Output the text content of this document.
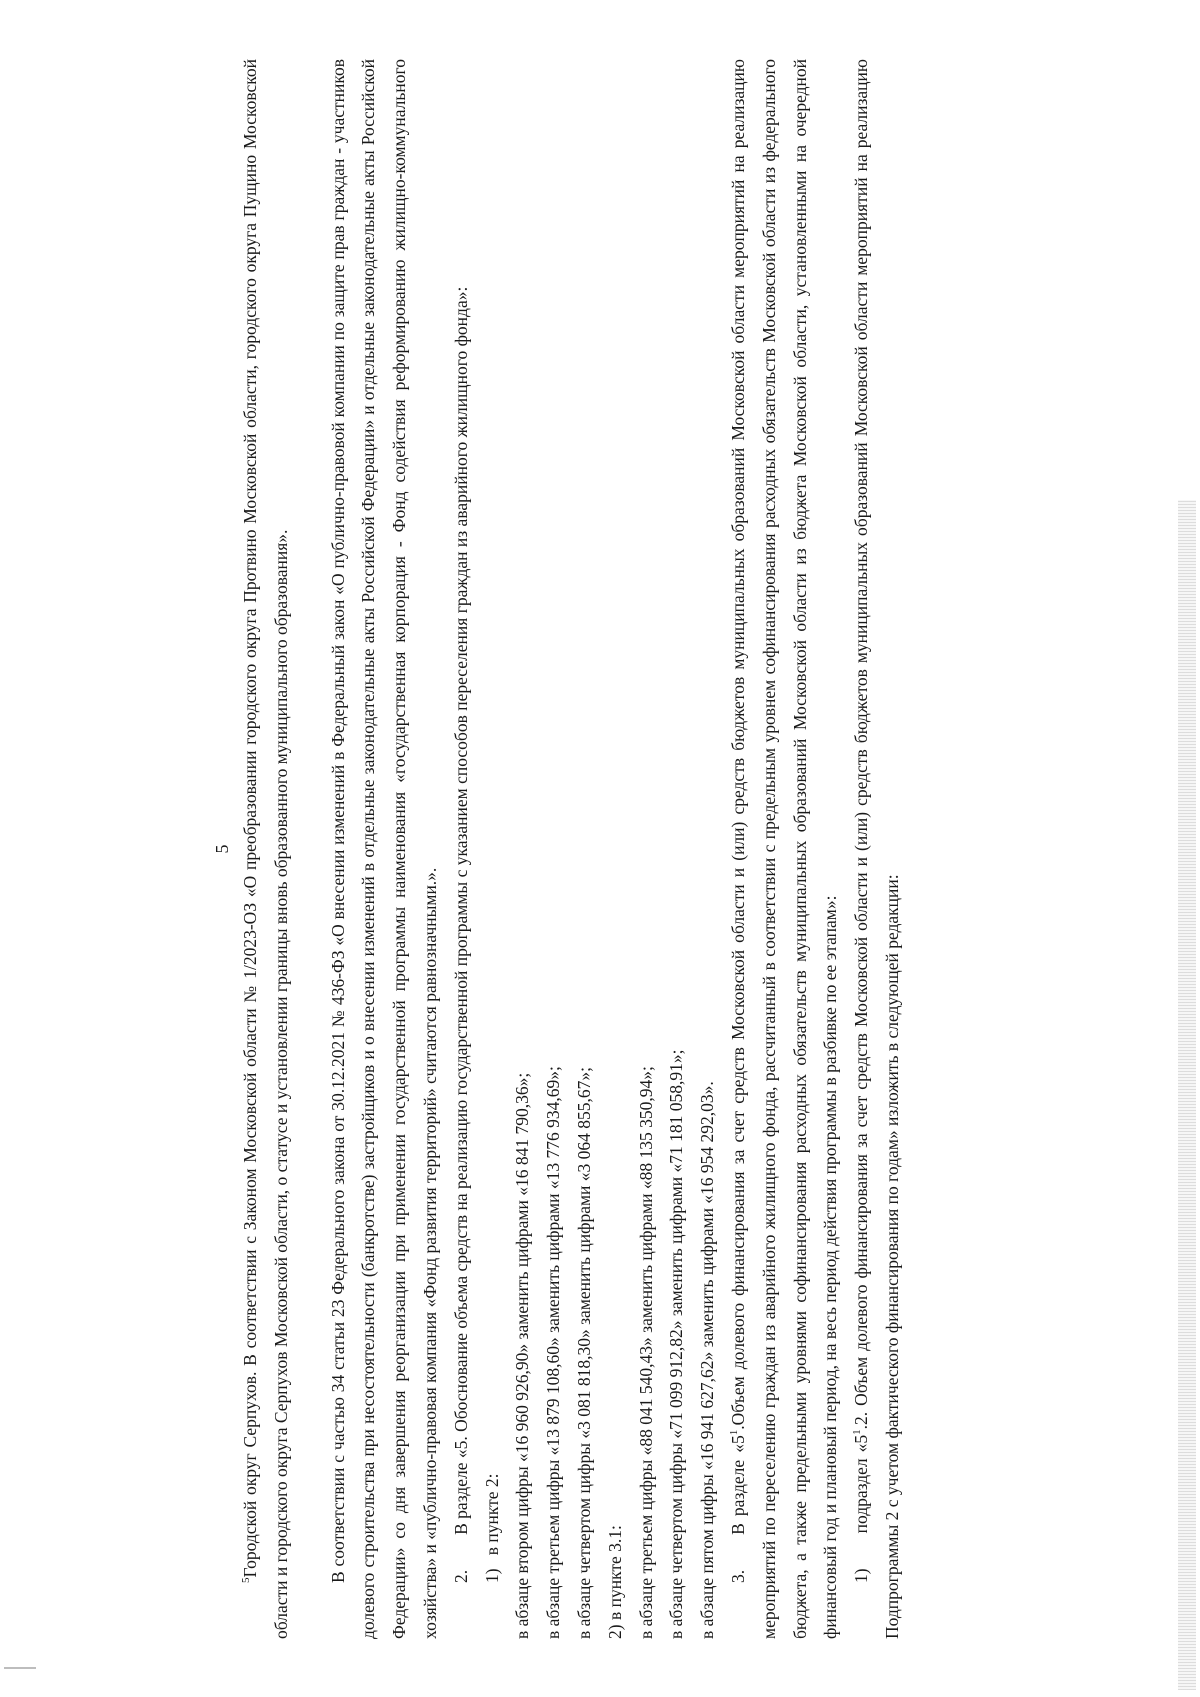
5

$^5$Городской округ Серпухов. В соответствии с Законом Московской области № 1/2023-ОЗ «О преобразовании городского округа Протвино Московской области, городского округа Пущино Московской области и городского округа Серпухов Московской области, о статусе и установлении границы вновь образованного муниципального образования».	В соответствии с частью 34 статьи 23 Федерального закона от 30.12.2021 № 436-ФЗ «О внесении изменений в Федеральный закон «О публично-правовой компании по защите прав граждан - участников долевого строительства при несостоятельности (банкротстве) застройщиков и о внесении изменений в отдельные законодательные акты Российской Федерации» и отдельные законодательные акты Российской Федерации» со дня завершения реорганизации при применении государственной программы наименования «государственная корпорация - Фонд содействия реформированию жилищно-коммунального хозяйства» и «публично-правовая компания «Фонд развития территорий» считаются равнозначными.». 2.  В разделе «5. Обоснование объема средств на реализацию государственной программы с указанием способов переселения граждан из аварийного жилищного фонда»: 1)  в пункте 2: в абзаце втором цифры «16 960 926,90» заменить цифрами «16 841 790,36»; в абзаце третьем цифры «13 879 108,60» заменить цифрами «13 776 934,69»; в абзаце четвертом цифры «3 081 818,30» заменить цифрами «3 064 855,67»; 2) в пункте 3.1: в абзаце третьем цифры «88 041 540,43» заменить цифрами «88 135 350,94»; в абзаце четвертом цифры «71 099 912,82» заменить цифрами «71 181 058,91»; в абзаце пятом цифры «16 941 627,62» заменить цифрами «16 954 292,03». 3.  В разделе «$5^1.Объем$ долевого финансирования за счет средств Московской области и (или) средств бюджетов муниципальных образований Московской области мероприятий на реализацию мероприятий по переселению граждан из аварийного жилищного фонда, рассчитанный в соответствии с предельным уровнем софинансирования расходных обязательств Московской области из федерального бюджета, а также предельными уровнями софинансирования расходных обязательств муниципальных образований Московской области из бюджета Московской области, установленными на очередной финансовый год и плановый период, на весь период действия программы в разбивке по ее этапам»: 1)  подраздел «$5^1.2$. Объем долевого финансирования за счет средств Московской области и (или) средств бюджетов муниципальных образований Московской области мероприятий на реализацию Подпрограммы 2 с учетом фактического финансирования по годам» изложить в следующей редакции:
